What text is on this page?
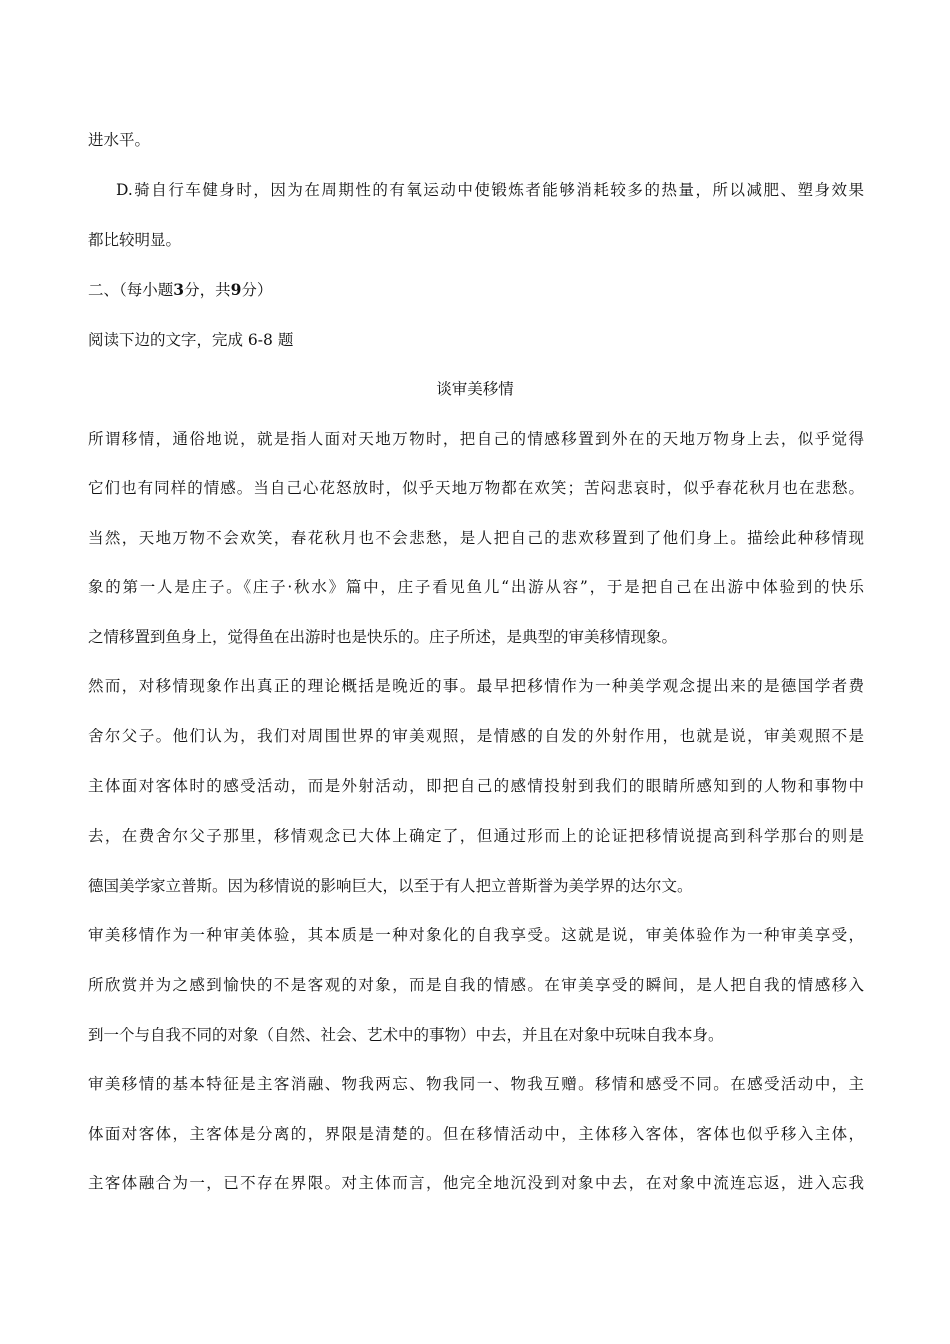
进水平。
D.骑自行车健身时，因为在周期性的有氧运动中使锻炼者能够消耗较多的热量，所以减肥、塑身效果
都比较明显。
二、（每小题3分，共9分）
阅读下边的文字，完成 6-8 题
谈审美移情
所谓移情，通俗地说，就是指人面对天地万物时，把自己的情感移置到外在的天地万物身上去，似乎觉得
它们也有同样的情感。当自己心花怒放时，似乎天地万物都在欢笑；苦闷悲哀时，似乎春花秋月也在悲愁。
当然，天地万物不会欢笑，春花秋月也不会悲愁，是人把自己的悲欢移置到了他们身上。描绘此种移情现
象的第一人是庄子。《庄子·秋水》篇中，庄子看见鱼儿“出游从容”，于是把自己在出游中体验到的快乐
之情移置到鱼身上，觉得鱼在出游时也是快乐的。庄子所述，是典型的审美移情现象。
然而，对移情现象作出真正的理论概括是晚近的事。最早把移情作为一种美学观念提出来的是德国学者费
舍尔父子。他们认为，我们对周围世界的审美观照，是情感的自发的外射作用，也就是说，审美观照不是
主体面对客体时的感受活动，而是外射活动，即把自己的感情投射到我们的眼睛所感知到的人物和事物中
去，在费舍尔父子那里，移情观念已大体上确定了，但通过形而上的论证把移情说提高到科学那台的则是
德国美学家立普斯。因为移情说的影响巨大，以至于有人把立普斯誉为美学界的达尔文。
审美移情作为一种审美体验，其本质是一种对象化的自我享受。这就是说，审美体验作为一种审美享受，
所欣赏并为之感到愉快的不是客观的对象，而是自我的情感。在审美享受的瞬间，是人把自我的情感移入
到一个与自我不同的对象（自然、社会、艺术中的事物）中去，并且在对象中玩味自我本身。
审美移情的基本特征是主客消融、物我两忘、物我同一、物我互赠。移情和感受不同。在感受活动中，主
体面对客体，主客体是分离的，界限是清楚的。但在移情活动中，主体移入客体，客体也似乎移入主体，
主客体融合为一，已不存在界限。对主体而言，他完全地沉没到对象中去，在对象中流连忘返，进入忘我
